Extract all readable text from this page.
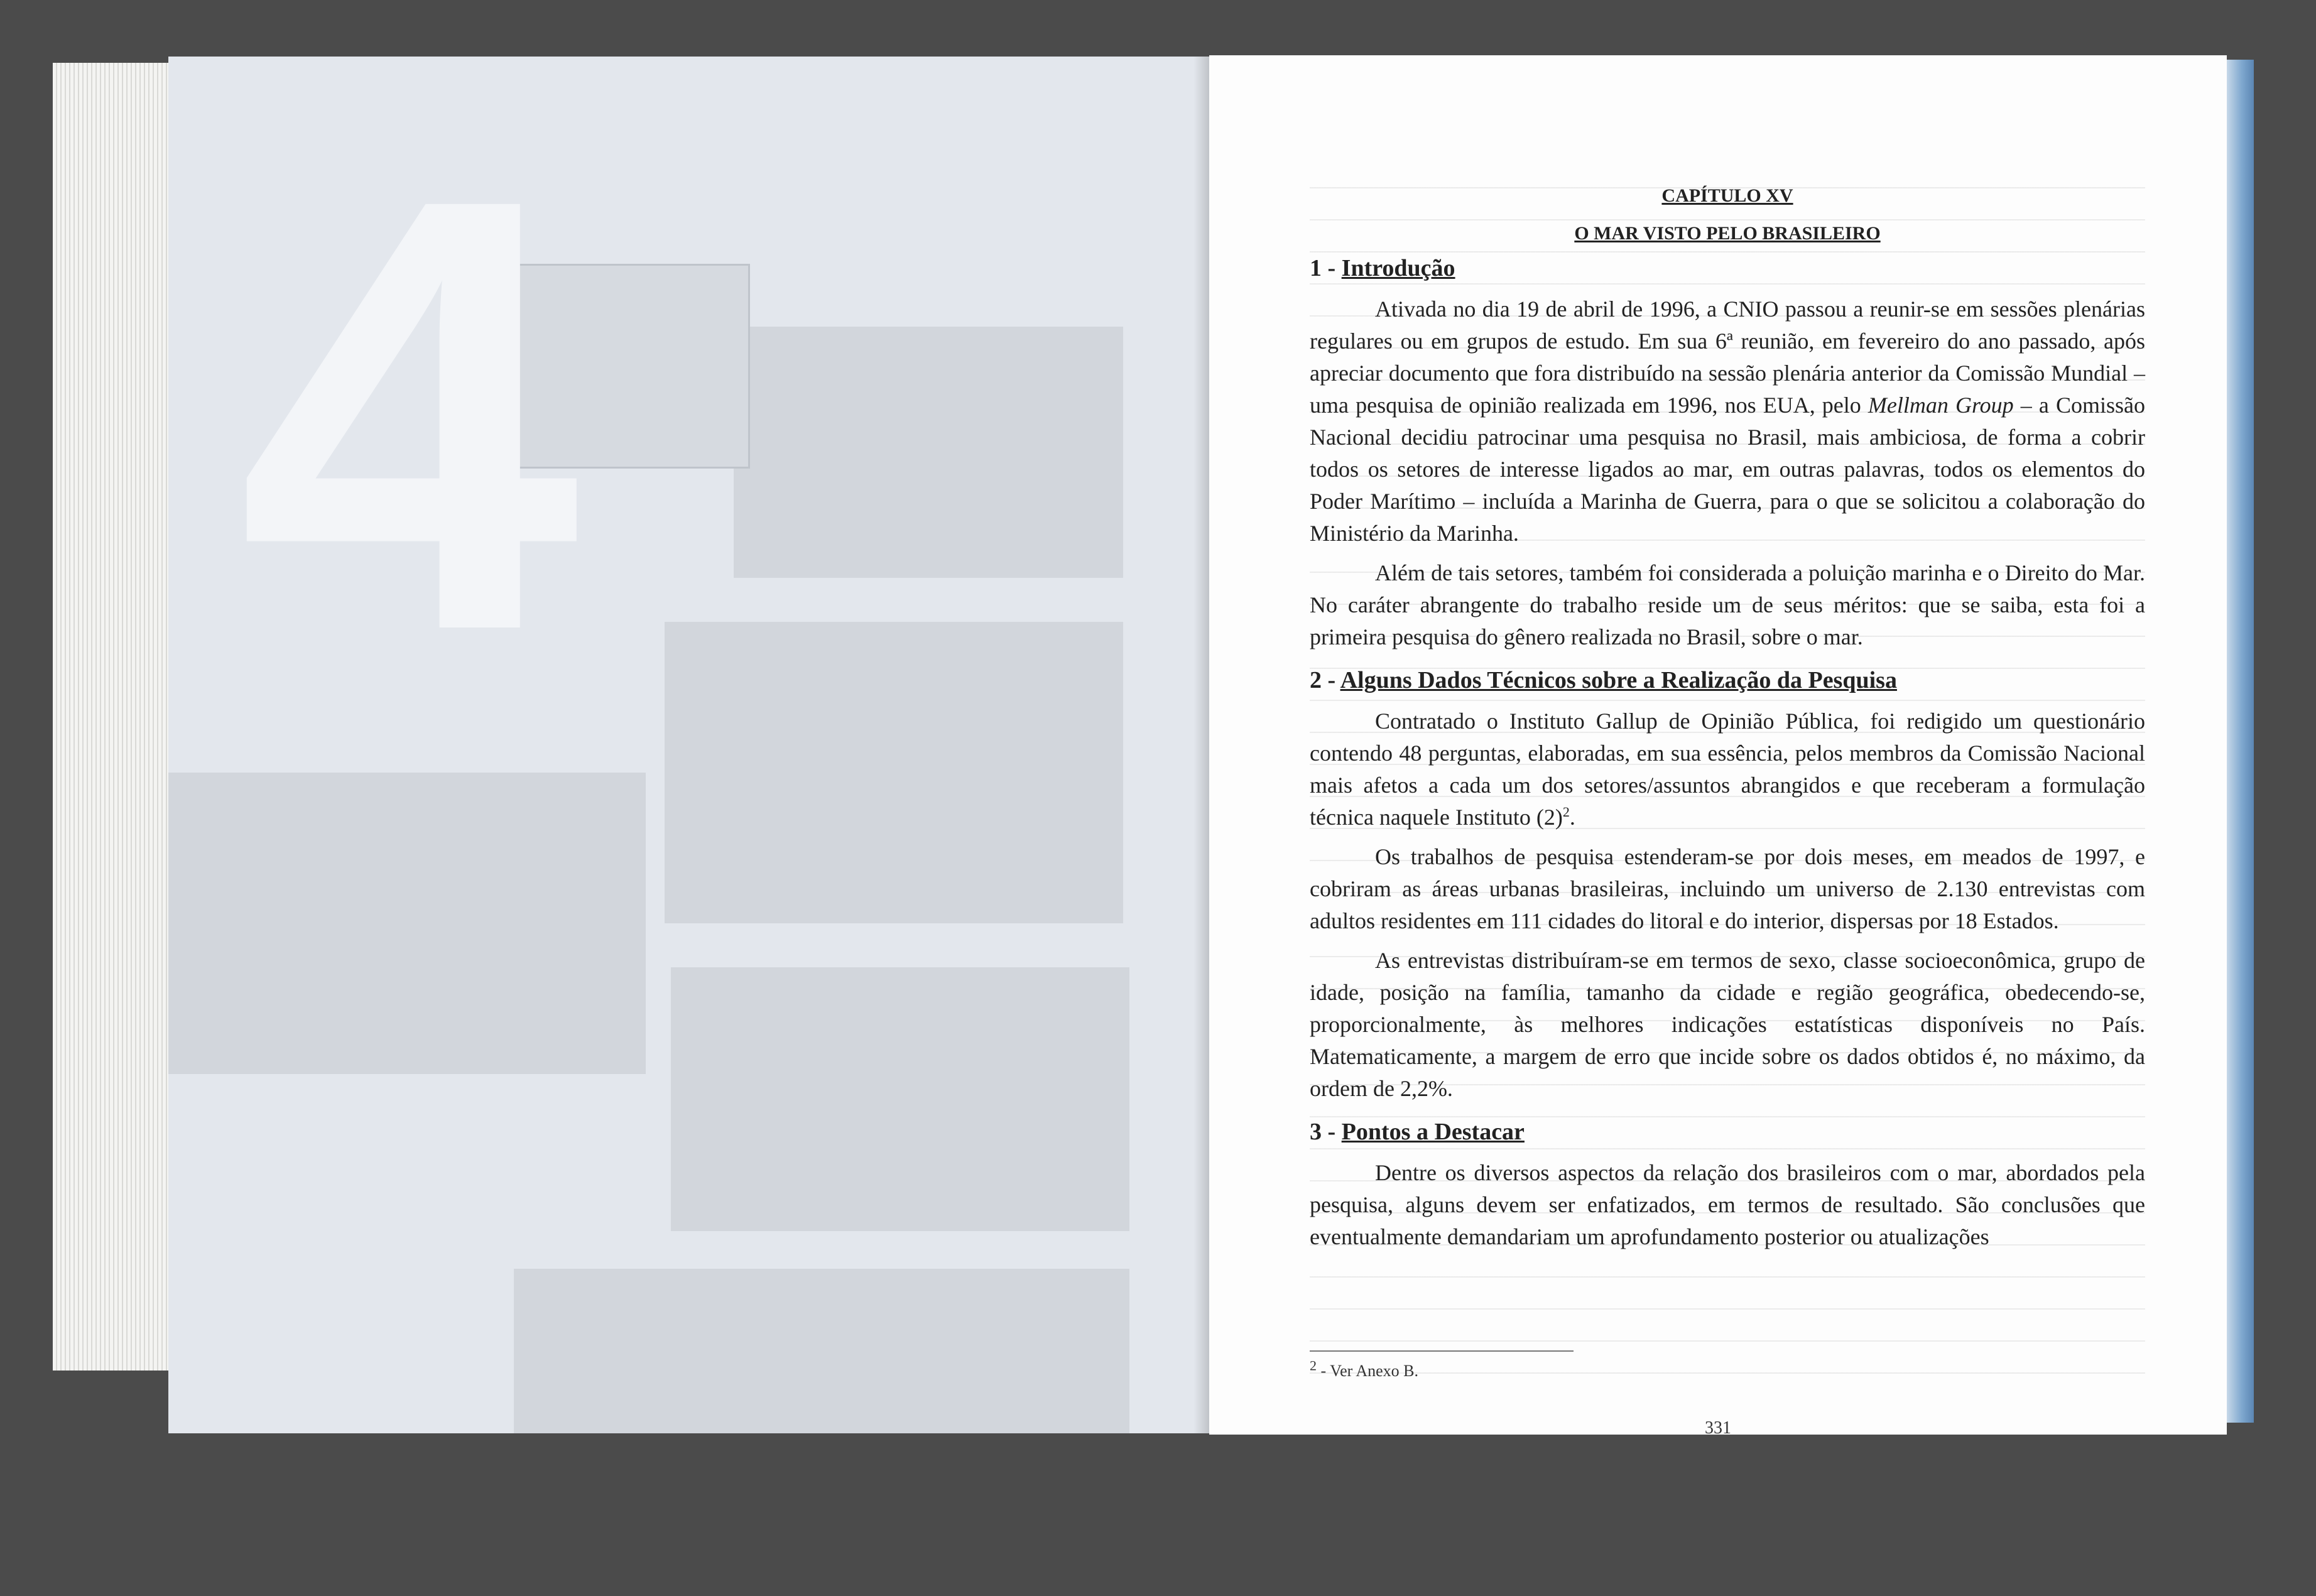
4	CAPÍTULO XV
O MAR VISTO PELO BRASILEIRO
1 - Introdução

Ativada no dia 19 de abril de 1996, a CNIO passou a reunir-se em sessões plenárias regulares ou em grupos de estudo. Em sua 6ª reunião, em fevereiro do ano passado, após apreciar documento que fora distribuído na sessão plenária anterior da Comissão Mundial – uma pesquisa de opinião realizada em 1996, nos EUA, pelo Mellman Group – a Comissão Nacional decidiu patrocinar uma pesquisa no Brasil, mais ambiciosa, de forma a cobrir todos os setores de interesse ligados ao mar, em outras palavras, todos os elementos do Poder Marítimo – incluída a Marinha de Guerra, para o que se solicitou a colaboração do Ministério da Marinha.

Além de tais setores, também foi considerada a poluição marinha e o Direito do Mar. No caráter abrangente do trabalho reside um de seus méritos: que se saiba, esta foi a primeira pesquisa do gênero realizada no Brasil, sobre o mar.

2 - Alguns Dados Técnicos sobre a Realização da Pesquisa

Contratado o Instituto Gallup de Opinião Pública, foi redigido um questionário contendo 48 perguntas, elaboradas, em sua essência, pelos membros da Comissão Nacional mais afetos a cada um dos setores/assuntos abrangidos e que receberam a formulação técnica naquele Instituto $(2)^2$.

Os trabalhos de pesquisa estenderam-se por dois meses, em meados de 1997, e cobriram as áreas urbanas brasileiras, incluindo um universo de 2.130 entrevistas com adultos residentes em 111 cidades do litoral e do interior, dispersas por 18 Estados.

As entrevistas distribuíram-se em termos de sexo, classe socioeconômica, grupo de idade, posição na família, tamanho da cidade e região geográfica, obedecendo-se, proporcionalmente, às melhores indicações estatísticas disponíveis no País. Matematicamente, a margem de erro que incide sobre os dados obtidos é, no máximo, da ordem de 2,2%.

3 - Pontos a Destacar

Dentre os diversos aspectos da relação dos brasileiros com o mar, abordados pela pesquisa, alguns devem ser enfatizados, em termos de resultado. São conclusões que eventualmente demandariam um aprofundamento posterior ou atualizações

$^2$ - Ver Anexo B.
331
